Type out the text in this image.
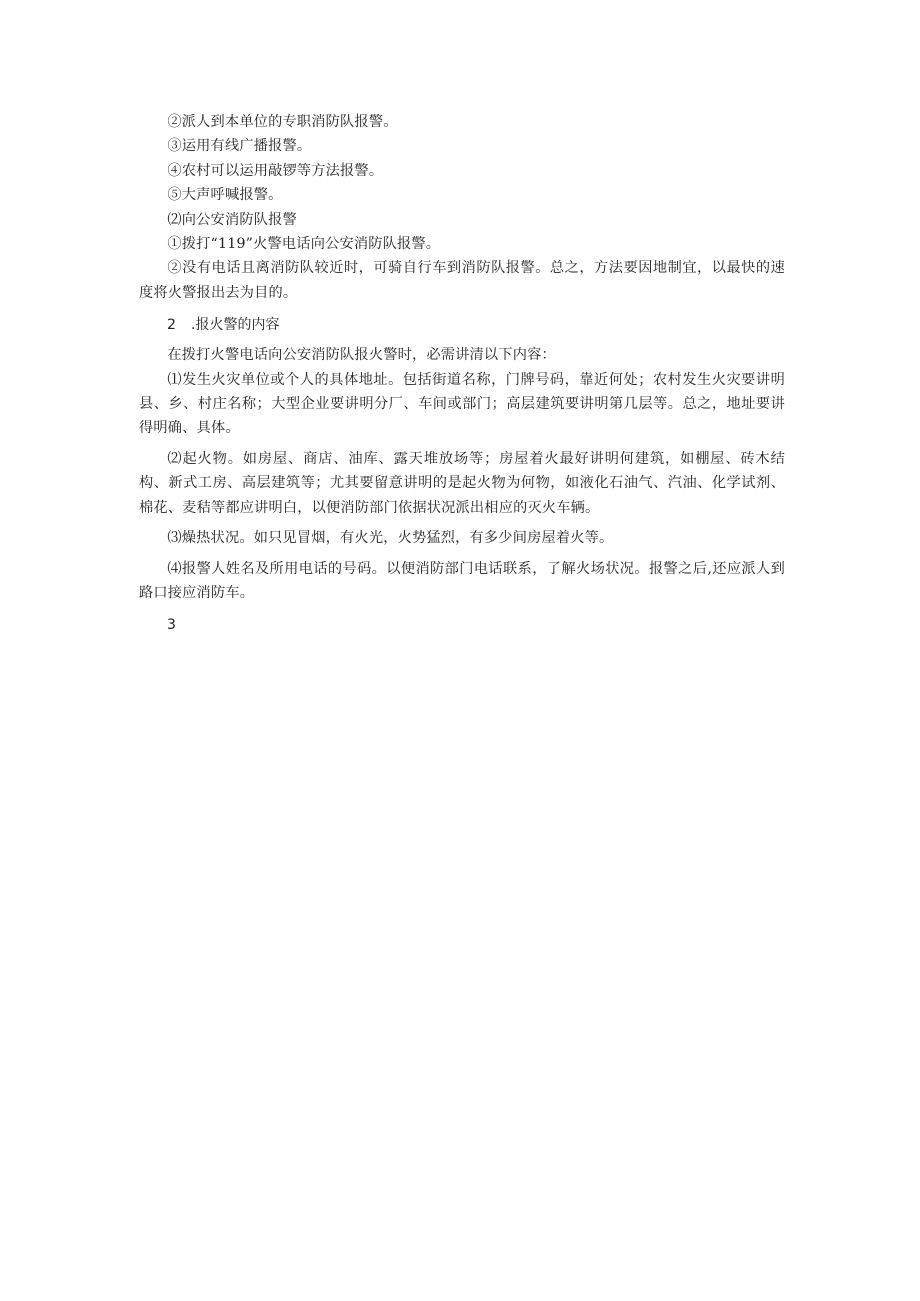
②派人到本单位的专职消防队报警。

③运用有线广播报警。

④农村可以运用敲锣等方法报警。

⑤大声呼喊报警。

⑵向公安消防队报警

①拨打“119”火警电话向公安消防队报警。

②没有电话且离消防队较近时，可骑自行车到消防队报警。总之，方法要因地制宜，以最快的速度将火警报出去为目的。

2 .报火警的内容

在拨打火警电话向公安消防队报火警时，必需讲清以下内容：

⑴发生火灾单位或个人的具体地址。包括街道名称，门牌号码，靠近何处；农村发生火灾要讲明县、乡、村庄名称；大型企业要讲明分厂、车间或部门；高层建筑要讲明第几层等。总之，地址要讲得明确、具体。

⑵起火物。如房屋、商店、油库、露天堆放场等；房屋着火最好讲明何建筑，如棚屋、砖木结构、新式工房、高层建筑等；尤其要留意讲明的是起火物为何物，如液化石油气、汽油、化学试剂、棉花、麦秸等都应讲明白，以便消防部门依据状况派出相应的灭火车辆。

⑶燥热状况。如只见冒烟，有火光，火势猛烈，有多少间房屋着火等。

⑷报警人姓名及所用电话的号码。以便消防部门电话联系，了解火场状况。报警之后,还应派人到路口接应消防车。

3
